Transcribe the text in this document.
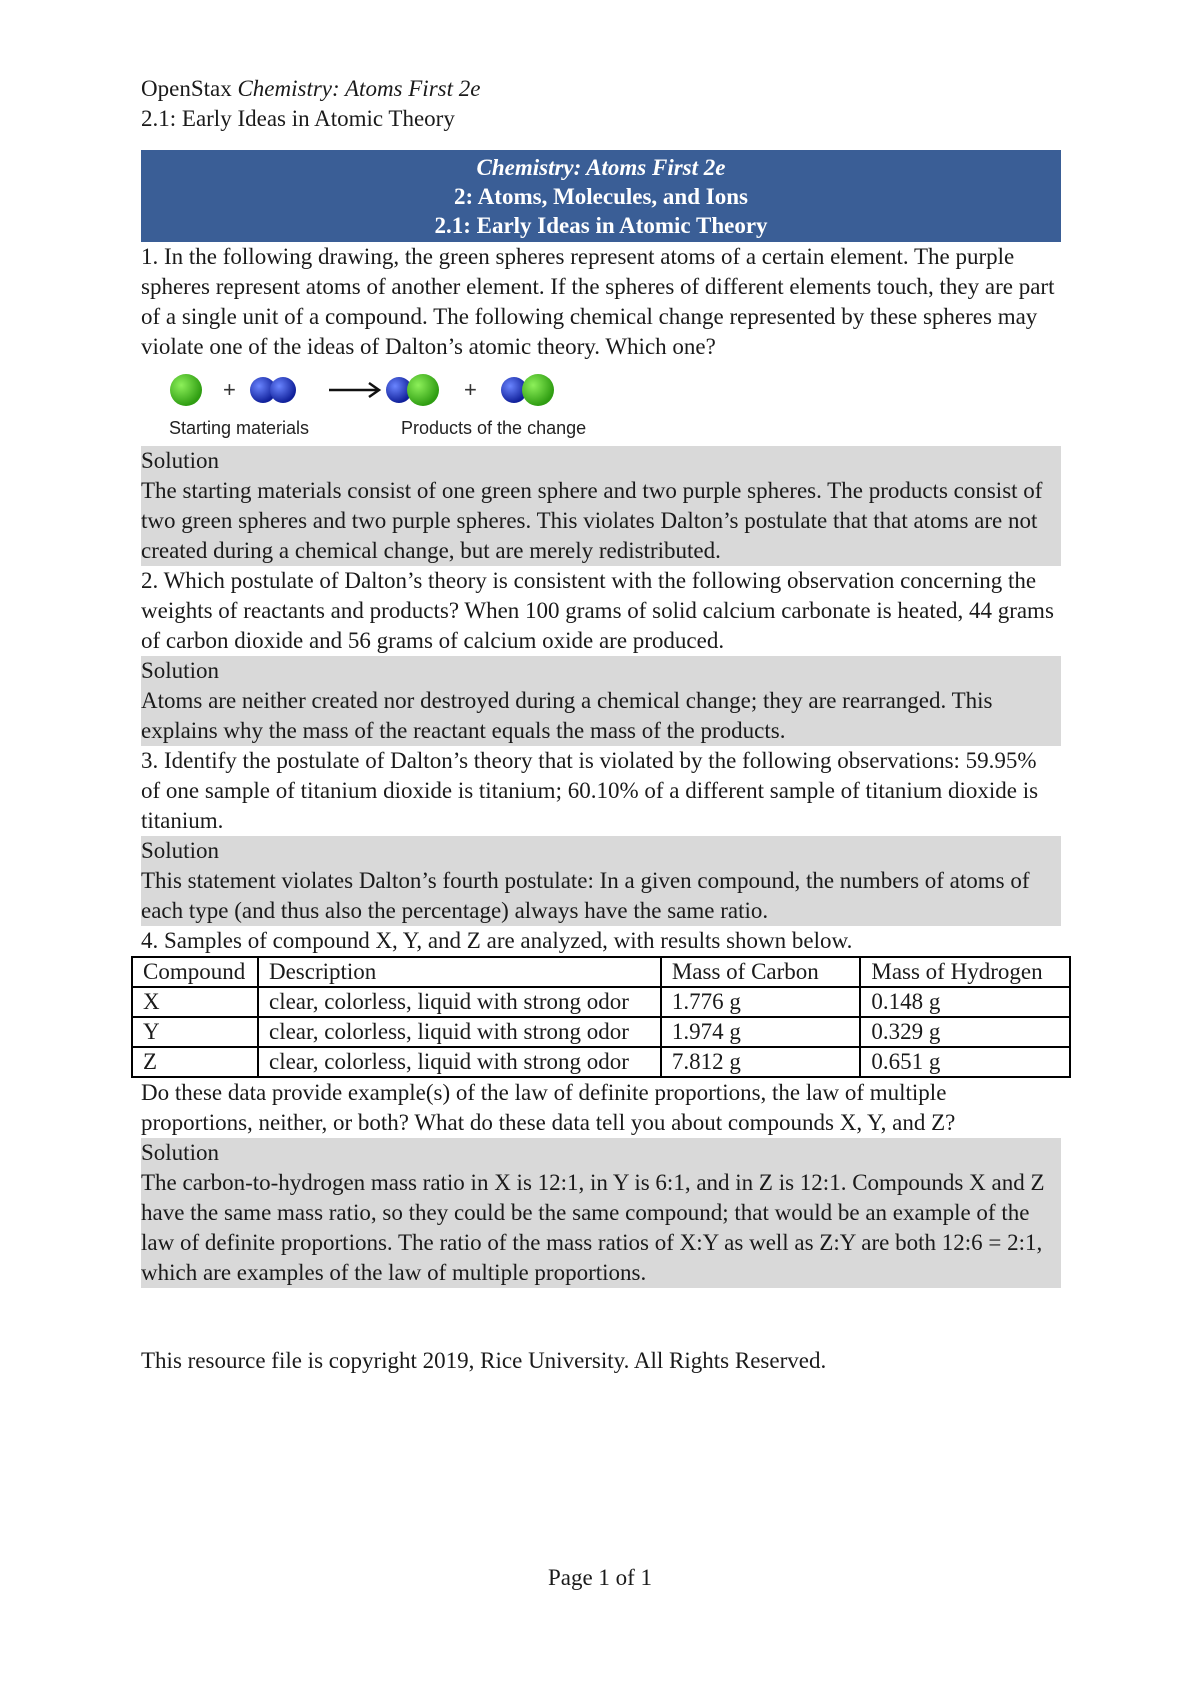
OpenStax Chemistry: Atoms First 2e
2.1: Early Ideas in Atomic Theory
Chemistry: Atoms First 2e
2: Atoms, Molecules, and Ions
2.1: Early Ideas in Atomic Theory
1. In the following drawing, the green spheres represent atoms of a certain element. The purple spheres represent atoms of another element. If the spheres of different elements touch, they are part of a single unit of a compound. The following chemical change represented by these spheres may violate one of the ideas of Dalton’s atomic theory. Which one?
+	+
Starting materials	Products of the change
Solution
The starting materials consist of one green sphere and two purple spheres. The products consist of two green spheres and two purple spheres. This violates Dalton’s postulate that that atoms are not created during a chemical change, but are merely redistributed.
2. Which postulate of Dalton’s theory is consistent with the following observation concerning the weights of reactants and products? When 100 grams of solid calcium carbonate is heated, 44 grams of carbon dioxide and 56 grams of calcium oxide are produced.
Solution
Atoms are neither created nor destroyed during a chemical change; they are rearranged. This explains why the mass of the reactant equals the mass of the products.
3. Identify the postulate of Dalton’s theory that is violated by the following observations: 59.95% of one sample of titanium dioxide is titanium; 60.10% of a different sample of titanium dioxide is titanium.
Solution
This statement violates Dalton’s fourth postulate: In a given compound, the numbers of atoms of each type (and thus also the percentage) always have the same ratio.
4. Samples of compound X, Y, and Z are analyzed, with results shown below.
Compound	Description	Mass of Carbon	Mass of Hydrogen
X	clear, colorless, liquid with strong odor	1.776 g	0.148 g
Y	clear, colorless, liquid with strong odor	1.974 g	0.329 g
Z	clear, colorless, liquid with strong odor	7.812 g	0.651 g
Do these data provide example(s) of the law of definite proportions, the law of multiple proportions, neither, or both? What do these data tell you about compounds X, Y, and Z?
Solution
The carbon-to-hydrogen mass ratio in X is 12:1, in Y is 6:1, and in Z is 12:1. Compounds X and Z have the same mass ratio, so they could be the same compound; that would be an example of the law of definite proportions. The ratio of the mass ratios of X:Y as well as Z:Y are both 12:6 = 2:1, which are examples of the law of multiple proportions.
This resource file is copyright 2019, Rice University. All Rights Reserved.
Page 1 of 1
